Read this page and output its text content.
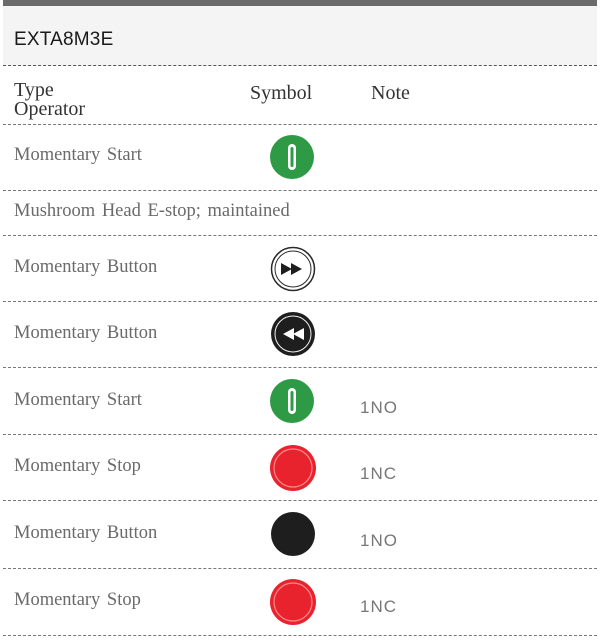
EXTA8M3E
Type
Operator
Symbol	Note
Momentary Start
Mushroom Head E-stop; maintained
Momentary Button
Momentary Button
Momentary Start	1NO
Momentary Stop	1NC
Momentary Button	1NO
Momentary Stop	1NC
